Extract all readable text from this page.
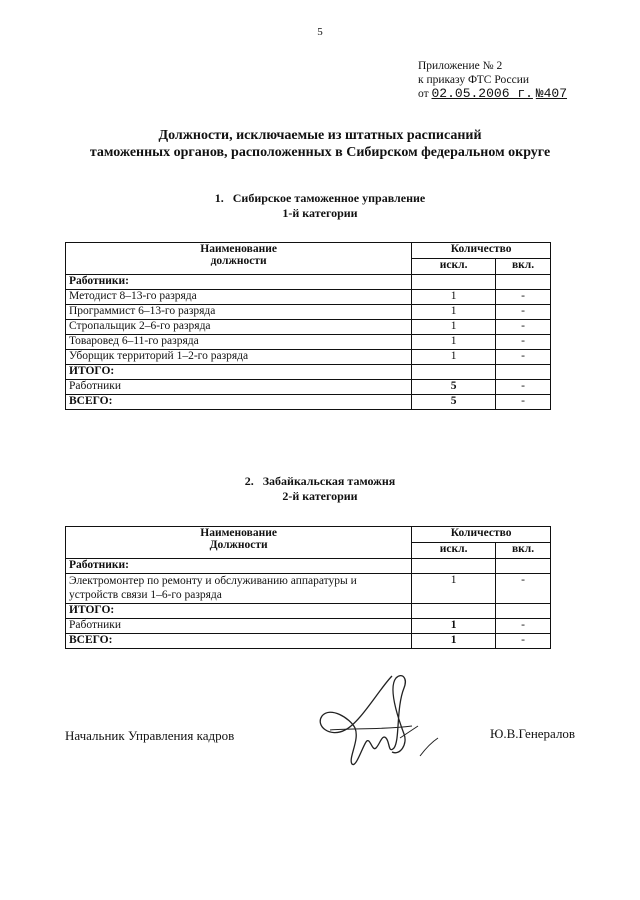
5
Приложение № 2
к приказу ФТС России
от 02.05.2006 г. №407
Должности, исключаемые из штатных расписаний
таможенных органов, расположенных в Сибирском федеральном округе
1.   Сибирское таможенное управление
1-й категории
Наименование
должности	Количество	
	искл.	вкл.
Работники:		
Методист 8–13-го разряда	1	-
Программист 6–13-го разряда	1	-
Стропальщик 2–6-го разряда	1	-
Товаровед 6–11-го разряда	1	-
Уборщик территорий 1–2-го разряда	1	-
ИТОГО:		
Работники	5	-
ВСЕГО:	5	-
2.   Забайкальская таможня
2-й категории
Наименование
Должности	Количество	
	искл.	вкл.
Работники:		
Электромонтер по ремонту и обслуживанию аппаратуры и устройств связи 1–6-го разряда	1	-
ИТОГО:		
Работники	1	-
ВСЕГО:	1	-
Начальник Управления кадров	Ю.В.Генералов
